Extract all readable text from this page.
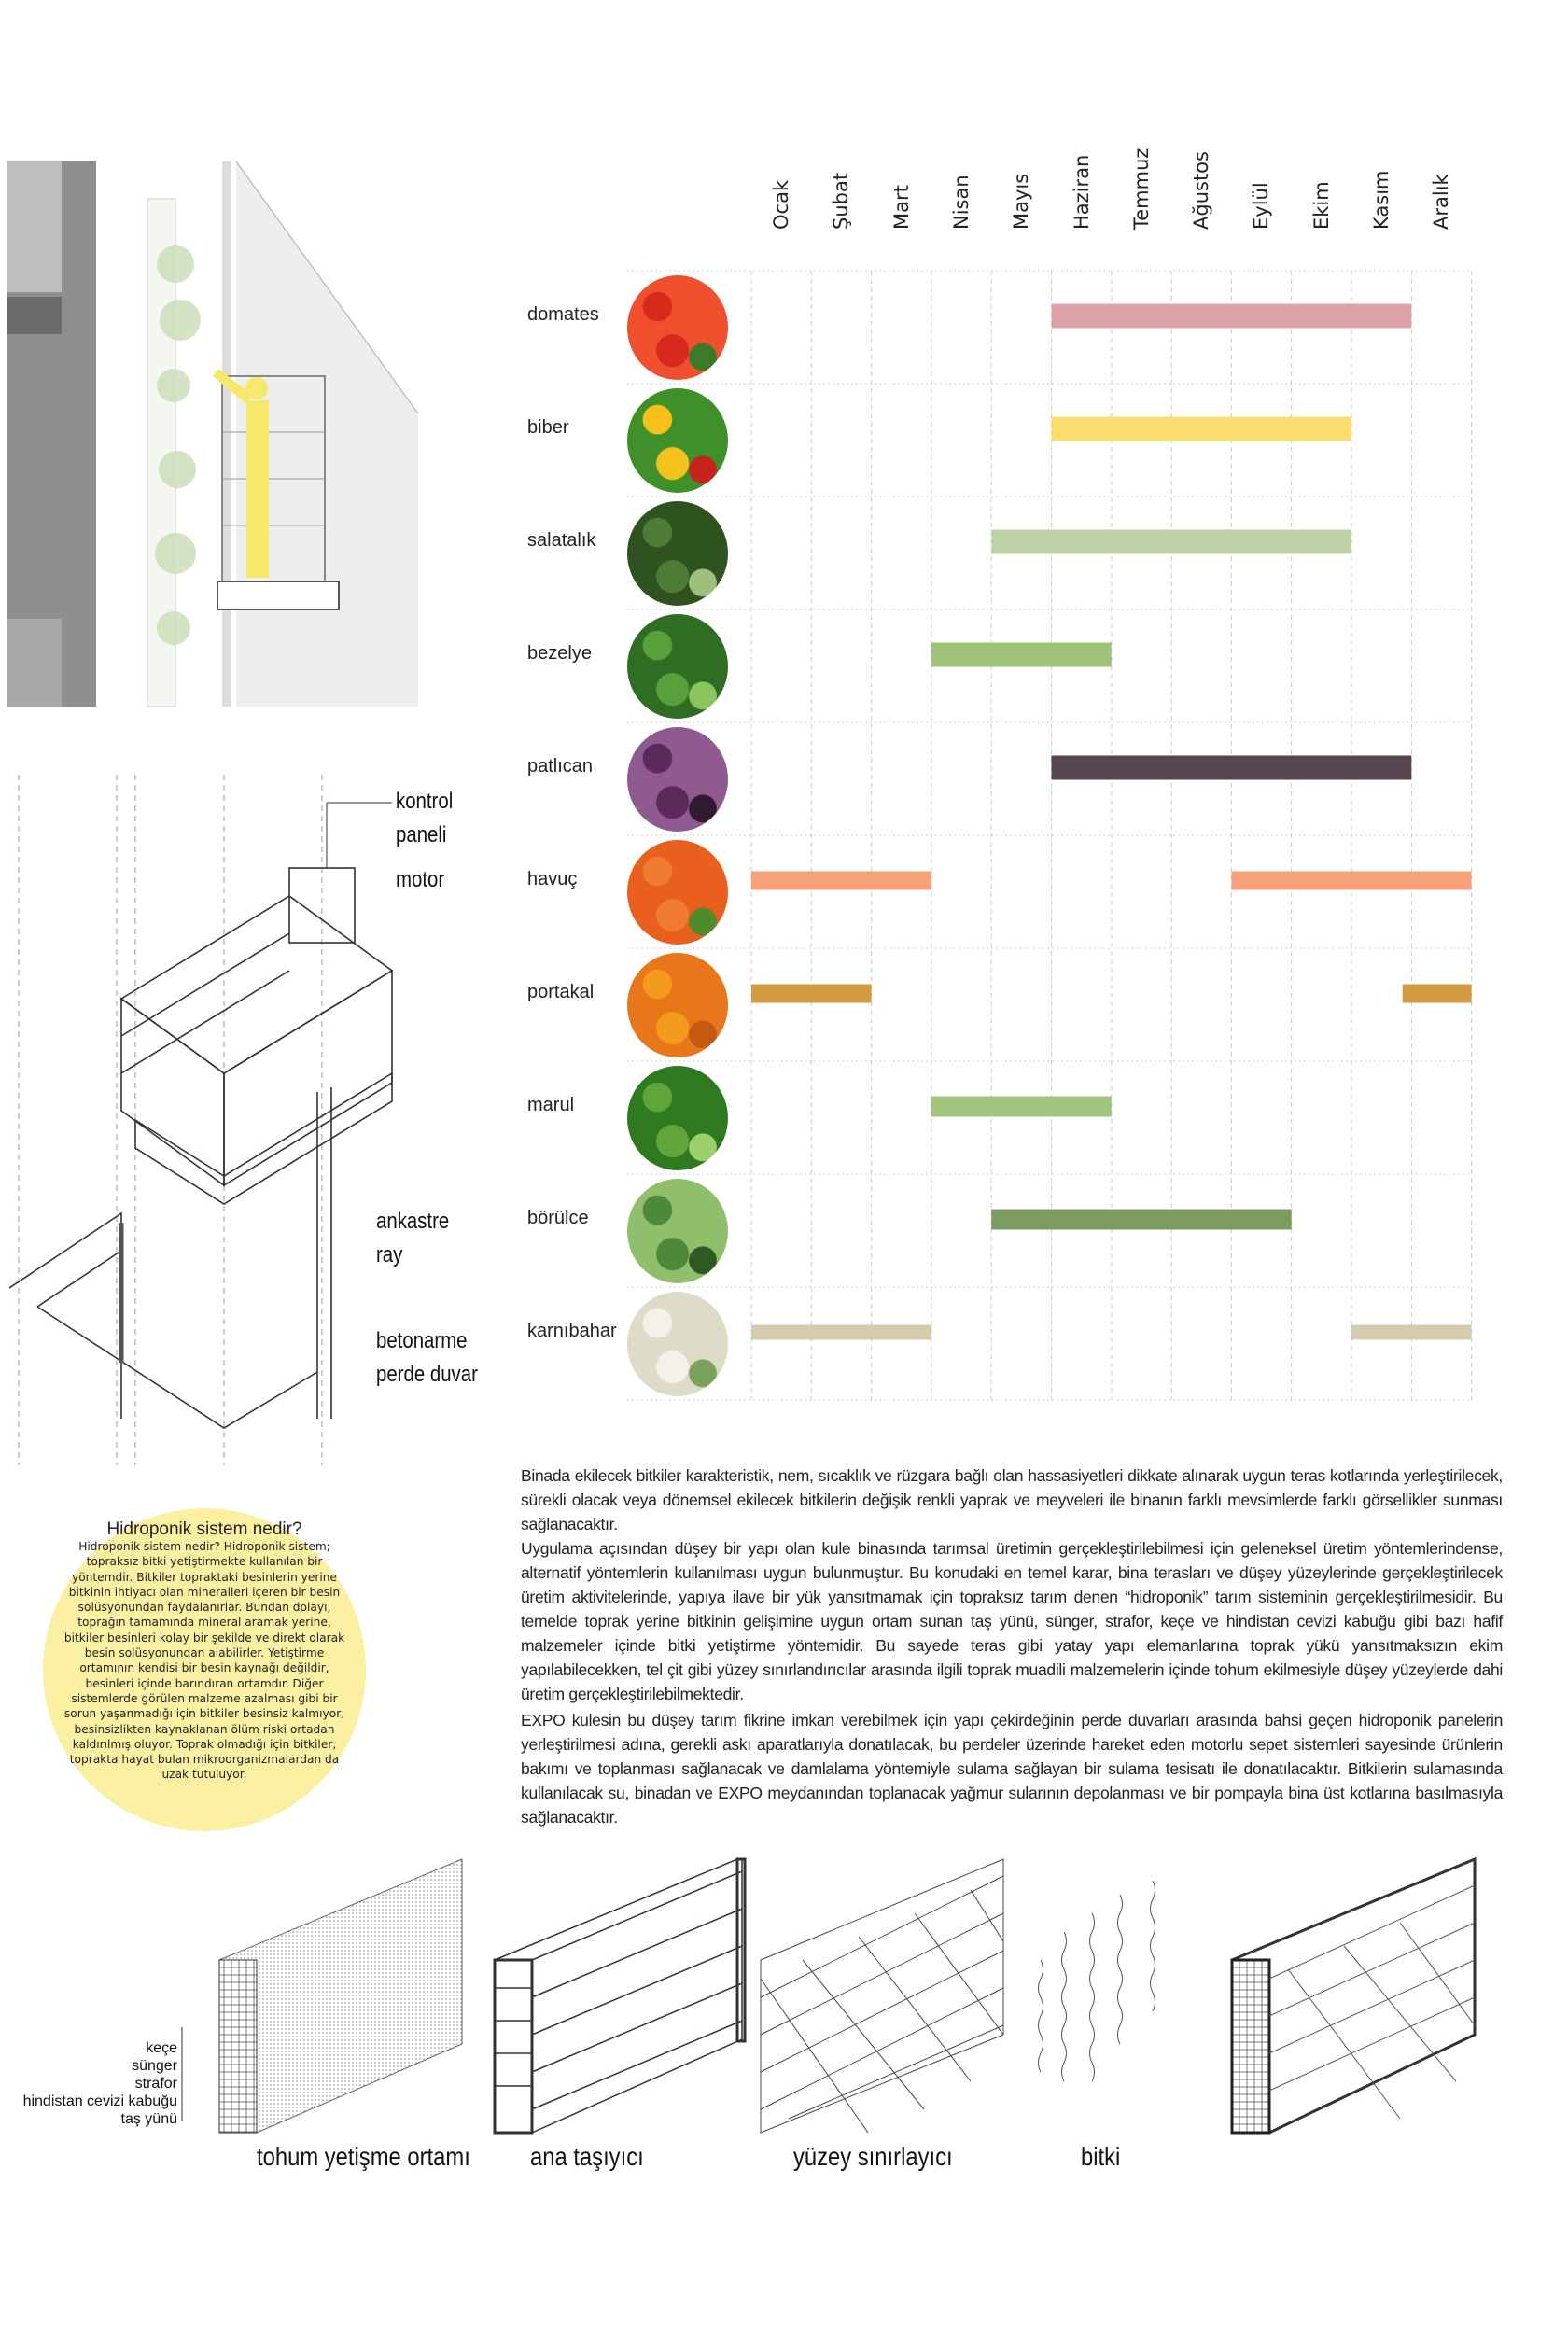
Ocak Şubat Mart Nisan Mayıs Haziran Temmuz Ağustos Eylül Ekim Kasım Aralık
domates
biber
salatalık
bezelye
patlıcan
havuç
portakal
marul
börülce
karnıbahar
kontrol
paneli
motor
ankastre
ray
betonarme
perde duvar
Hidroponik sistem nedir?

Hidroponik sistem nedir? Hidroponik sistem; topraksız bitki yetiştirmekte kullanılan bir yöntemdir. Bitkiler topraktaki besinlerin yerine bitkinin ihtiyacı olan mineralleri içeren bir besin solüsyonundan faydalanırlar. Bundan dolayı, toprağın tamamında mineral aramak yerine, bitkiler besinleri kolay bir şekilde ve direkt olarak besin solüsyonundan alabilirler. Yetiştirme ortamının kendisi bir besin kaynağı değildir, besinleri içinde barındıran ortamdır. Diğer sistemlerde görülen malzeme azalması gibi bir sorun yaşanmadığı için bitkiler besinsiz kalmıyor, besinsizlikten kaynaklanan ölüm riski ortadan kaldırılmış oluyor. Toprak olmadığı için bitkiler, toprakta hayat bulan mikroorganizmalardan da uzak tutuluyor.

Binada ekilecek bitkiler karakteristik, nem, sıcaklık ve rüzgara bağlı olan hassasiyetleri dikkate alınarak uygun teras kotlarında yerleştirilecek, sürekli olacak veya dönemsel ekilecek bitkilerin değişik renkli yaprak ve meyveleri ile binanın farklı mevsimlerde farklı görsellikler sunması sağlanacaktır.

Uygulama açısından düşey bir yapı olan kule binasında tarımsal üretimin gerçekleştirilebilmesi için geleneksel üretim yöntemlerindense, alternatif yöntemlerin kullanılması uygun bulunmuştur. Bu konudaki en temel karar, bina terasları ve düşey yüzeylerinde gerçekleştirilecek üretim aktivitelerinde, yapıya ilave bir yük yansıtmamak için topraksız tarım denen “hidroponik” tarım sisteminin gerçekleştirilmesidir. Bu temelde toprak yerine bitkinin gelişimine uygun ortam sunan taş yünü, sünger, strafor, keçe ve hindistan cevizi kabuğu gibi bazı hafif malzemeler içinde bitki yetiştirme yöntemidir. Bu sayede teras gibi yatay yapı elemanlarına toprak yükü yansıtmaksızın ekim yapılabilecekken, tel çit gibi yüzey sınırlandırıcılar arasında ilgili toprak muadili malzemelerin içinde tohum ekilmesiyle düşey yüzeylerde dahi üretim gerçekleştirilebilmektedir.

EXPO kulesin bu düşey tarım fikrine imkan verebilmek için yapı çekirdeğinin perde duvarları arasında bahsi geçen hidroponik panelerin yerleştirilmesi adına, gerekli askı aparatlarıyla donatılacak, bu perdeler üzerinde hareket eden motorlu sepet sistemleri sayesinde ürünlerin bakımı ve toplanması sağlanacak ve damlalama yöntemiyle sulama sağlayan bir sulama tesisatı ile donatılacaktır. Bitkilerin sulamasında kullanılacak su, binadan ve EXPO meydanından toplanacak yağmur sularının depolanması ve bir pompayla bina üst kotlarına basılmasıyla sağlanacaktır.

keçe
sünger
strafor
hindistan cevizi kabuğu
taş yünü
tohum yetişme ortamı ana taşıyıcı	yüzey sınırlayıcı	bitki
